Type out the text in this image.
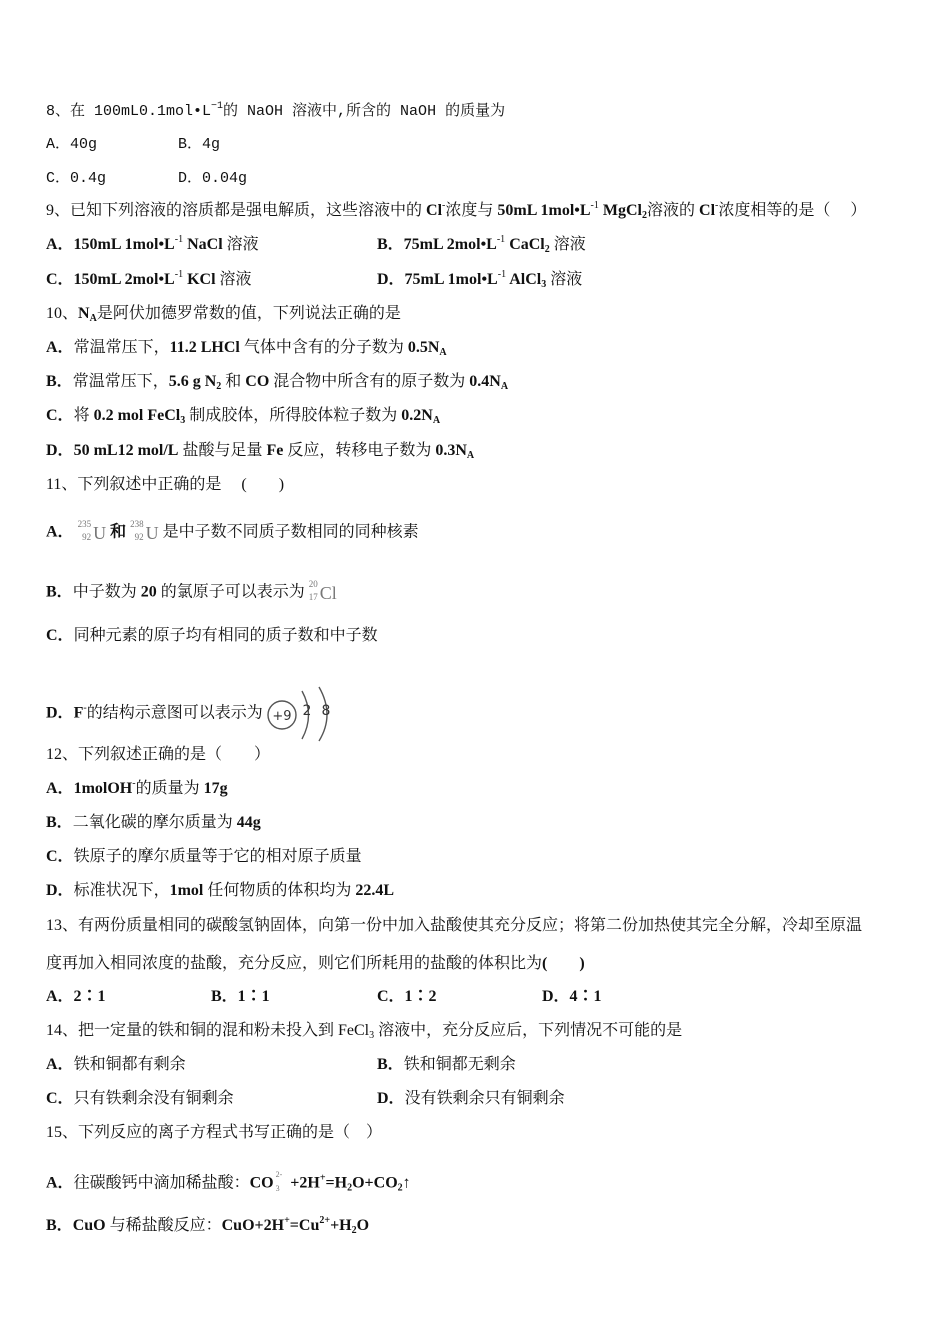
8、在 $100mL0.1mol•L^{-1}$的 NaOH 溶液中,所含的 NaOH 的质量为
A．40g	B．4g
C．0.4g	D．0.04g
9、已知下列溶液的溶质都是强电解质，这些溶液中的 Cl-浓度与 50mL $1mol•L^{-1}$ MgCl$_2$溶液的 Cl-浓度相等的是（　 ）
A．150mL $1mol•L^{-1}$ NaCl 溶液	B．75mL $2mol•L^{-1}$ CaCl$_2$ 溶液
C．150mL $2mol•L^{-1}$ KCl 溶液	D．75mL $1mol•L^{-1}$ AlCl$_3$ 溶液
10、$N_A$是阿伏加德罗常数的值，下列说法正确的是
A．常温常压下，11.2 LHCl 气体中含有的分子数为 $0.5N_A$
B．常温常压下，5.6 g $N_2$ 和 CO 混合物中所含有的原子数为 $0.4N_A$
C．将 0.2 mol FeCl$_3$ 制成胶体，所得胶体粒子数为 $0.2N_A$
D．50 mL12 mol/L 盐酸与足量 Fe 反应，转移电子数为 $0.3N_A$
11、下列叙述中正确的是　 (　　)
A． 235
92 U 和 238
92 U 是中子数不同质子数相同的同种核素
B．中子数为 20 的氯原子可以表示为 20
17 Cl
C．同种元素的原子均有相同的质子数和中子数
D．F-的结构示意图可以表示为 +9 2 8
12、下列叙述正确的是（　　）
A．1molOH-的质量为 17g
B．二氧化碳的摩尔质量为 44g
C．铁原子的摩尔质量等于它的相对原子质量
D．标准状况下，1mol 任何物质的体积均为 22.4L
13、有两份质量相同的碳酸氢钠固体，向第一份中加入盐酸使其充分反应；将第二份加热使其完全分解，冷却至原温
度再加入相同浓度的盐酸，充分反应，则它们所耗用的盐酸的体积比为(　　)
A．2∶1	B．1∶1	C．1∶2	D．4∶1
14、把一定量的铁和铜的混和粉未投入到 FeCl$_3$ 溶液中，充分反应后，下列情况不可能的是
A．铁和铜都有剩余	B．铁和铜都无剩余
C．只有铁剩余没有铜剩余	D．没有铁剩余只有铜剩余
15、下列反应的离子方程式书写正确的是（　）
A．往碳酸钙中滴加稀盐酸：CO
2-
$3 +2H^+=H_2O+CO_2↑$
B．CuO 与稀盐酸反应：$CuO+2H^+=Cu^{2+}+H_2O$
